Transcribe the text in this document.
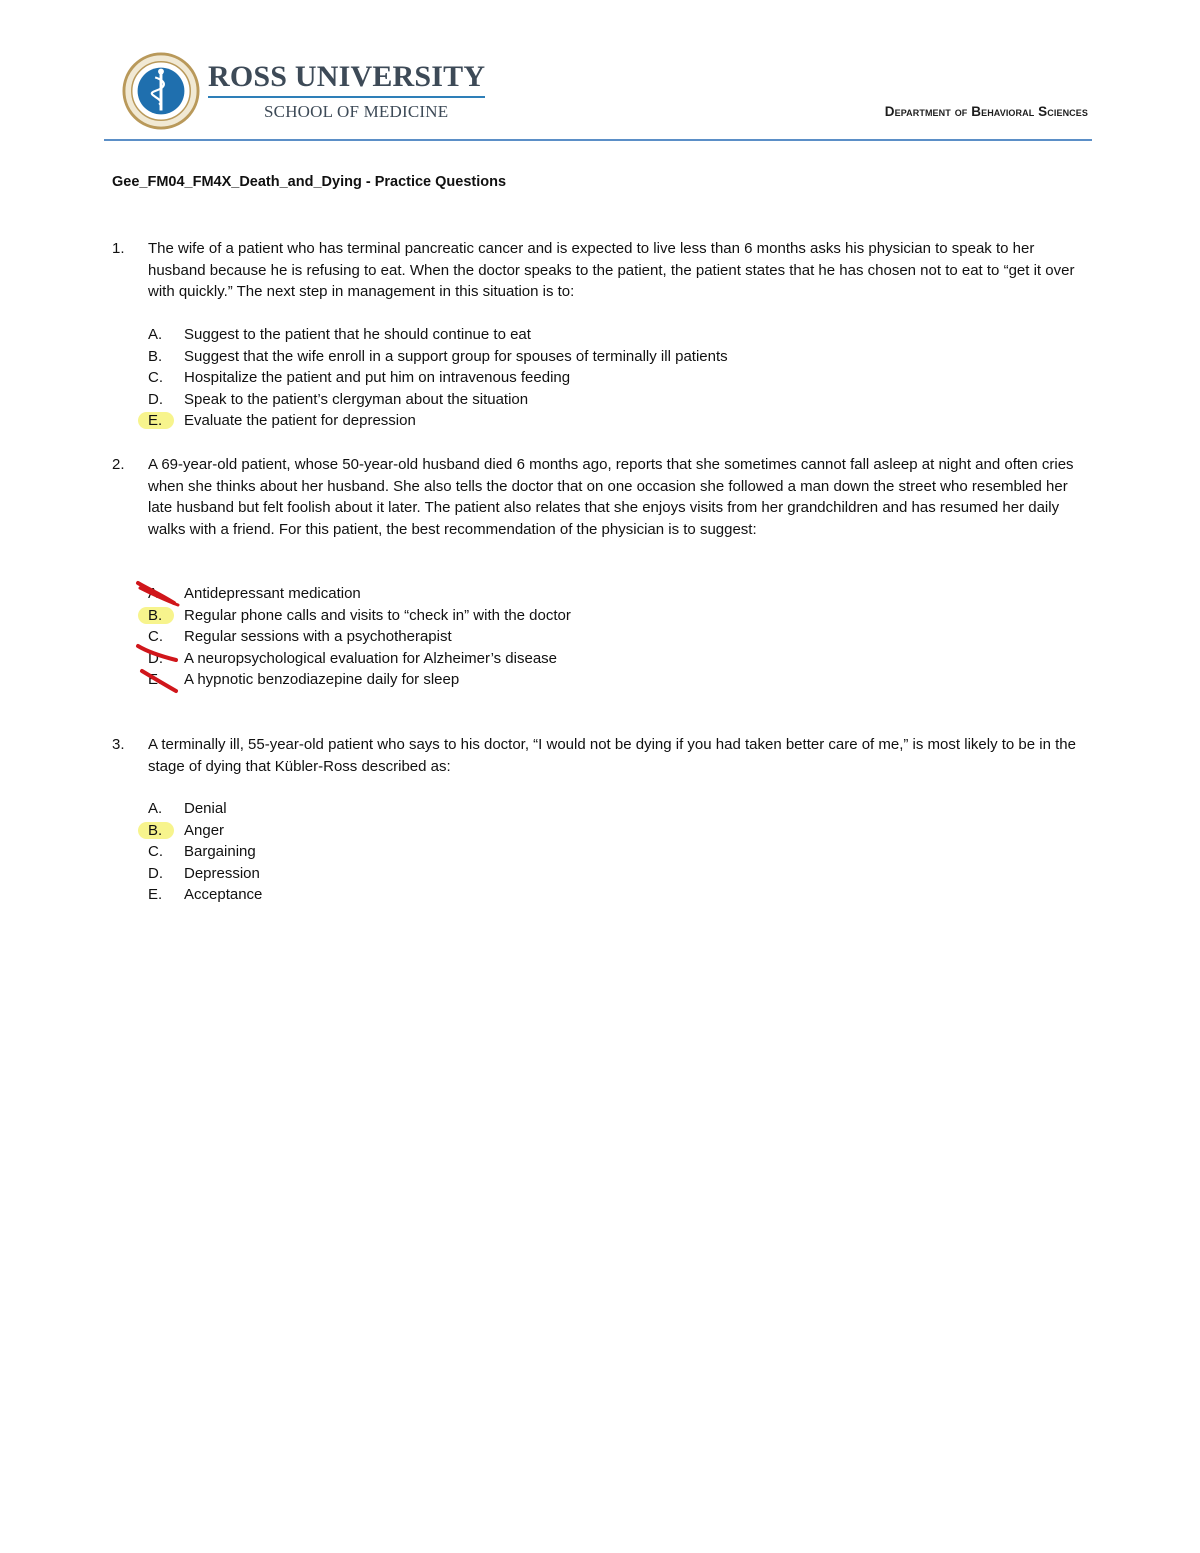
ROSS UNIVERSITY
SCHOOL OF MEDICINE	Department of Behavioral Sciences
Gee_FM04_FM4X_Death_and_Dying - Practice Questions
1.	The wife of a patient who has terminal pancreatic cancer and is expected to live less than 6 months asks his physician to speak to her husband because he is refusing to eat. When the doctor speaks to the patient, the patient states that he has chosen not to eat to “get it over with quickly.” The next step in management in this situation is to:
A.	Suggest to the patient that he should continue to eat
B.	Suggest that the wife enroll in a support group for spouses of terminally ill patients
C.	Hospitalize the patient and put him on intravenous feeding
D.	Speak to the patient’s clergyman about the situation
E.	Evaluate the patient for depression
2.	A 69-year-old patient, whose 50-year-old husband died 6 months ago, reports that she sometimes cannot fall asleep at night and often cries when she thinks about her husband. She also tells the doctor that on one occasion she followed a man down the street who resembled her late husband but felt foolish about it later. The patient also relates that she enjoys visits from her grandchildren and has resumed her daily walks with a friend. For this patient, the best recommendation of the physician is to suggest:
A.	Antidepressant medication
B.	Regular phone calls and visits to “check in” with the doctor
C.	Regular sessions with a psychotherapist
D.	A neuropsychological evaluation for Alzheimer’s disease
E.	A hypnotic benzodiazepine daily for sleep
3.	A terminally ill, 55-year-old patient who says to his doctor, “I would not be dying if you had taken better care of me,” is most likely to be in the stage of dying that Kübler-Ross described as:
A.	Denial
B.	Anger
C.	Bargaining
D.	Depression
E.	Acceptance
